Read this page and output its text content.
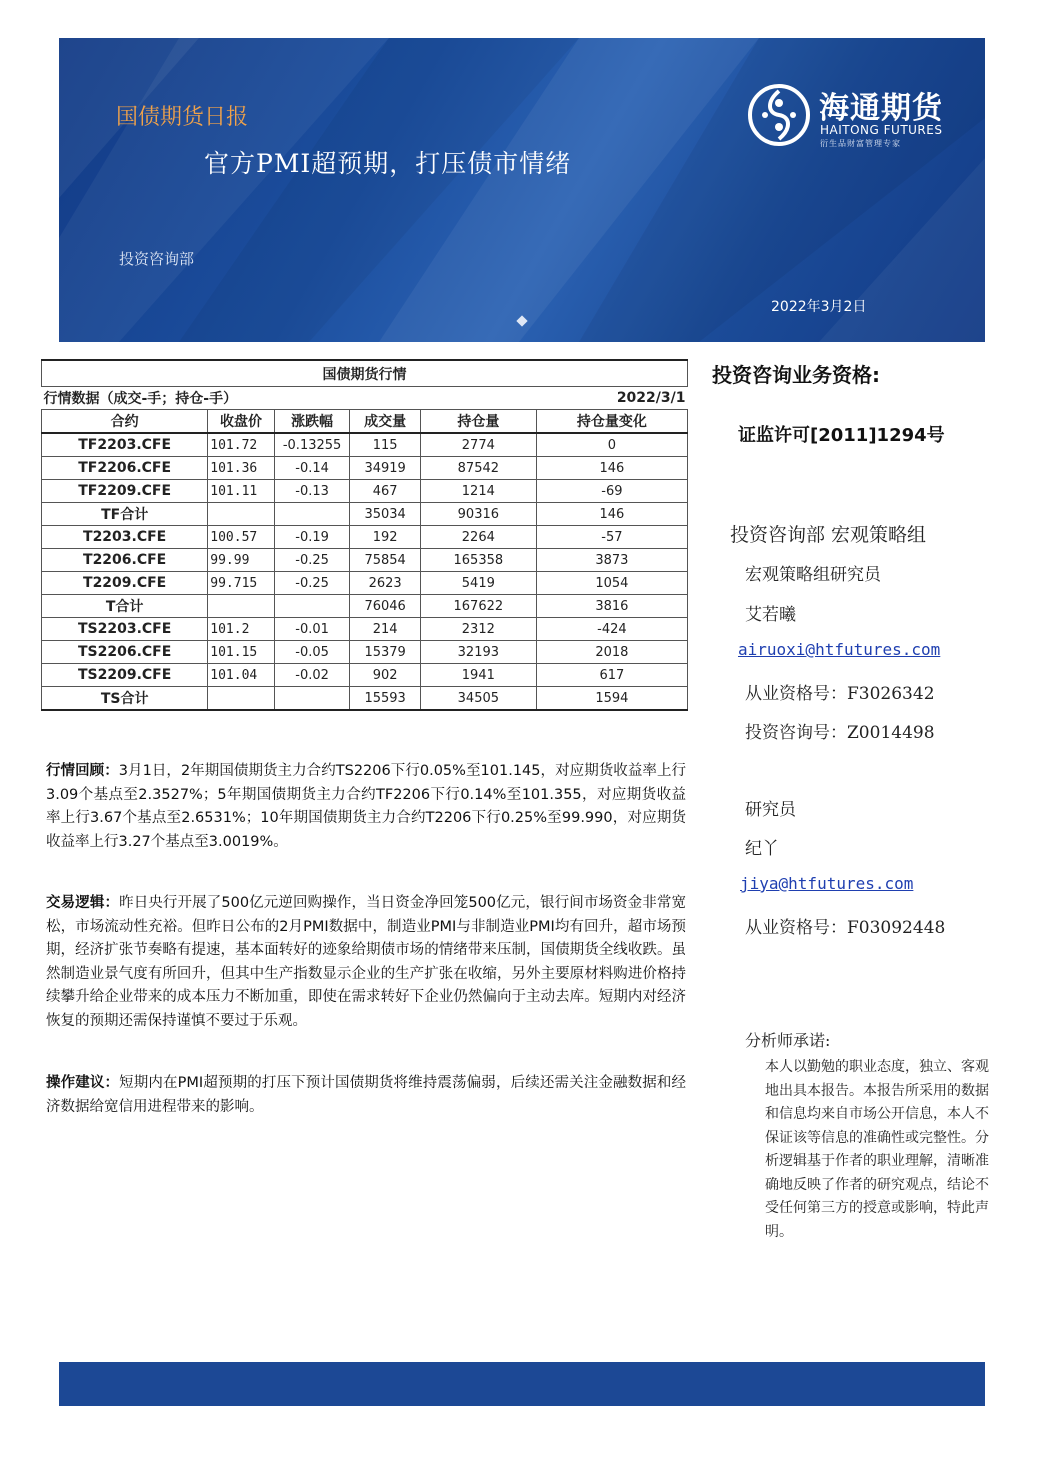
国债期货日报
官方PMI超预期，打压债市情绪
投资咨询部
2022年3月2日
海通期货
HAITONG FUTURES
衍生品财富管理专家
国债期货行情					
行情数据（成交-手；持仓-手）				2022/3/1	
合约	收盘价	涨跌幅	成交量	持仓量	持仓量变化
TF2203.CFE	101.72	-0.13255	115	2774	0
TF2206.CFE	101.36	-0.14	34919	87542	146
TF2209.CFE	101.11	-0.13	467	1214	-69
TF合计			35034	90316	146
T2203.CFE	100.57	-0.19	192	2264	-57
T2206.CFE	99.99	-0.25	75854	165358	3873
T2209.CFE	99.715	-0.25	2623	5419	1054
T合计			76046	167622	3816
TS2203.CFE	101.2	-0.01	214	2312	-424
TS2206.CFE	101.15	-0.05	15379	32193	2018
TS2209.CFE	101.04	-0.02	902	1941	617
TS合计			15593	34505	1594
投资咨询业务资格:
证监许可[2011]1294号
投资咨询部 宏观策略组
宏观策略组研究员
艾若曦
airuoxi@htfutures.com
从业资格号：F3026342
投资咨询号：Z0014498
研究员
纪丫
jiya@htfutures.com
从业资格号：F03092448
分析师承诺:
本人以勤勉的职业态度，独立、客观地出具本报告。本报告所采用的数据和信息均来自市场公开信息，本人不保证该等信息的准确性或完整性。分析逻辑基于作者的职业理解，清晰准确地反映了作者的研究观点，结论不受任何第三方的授意或影响，特此声明。
行情回顾：3月1日，2年期国债期货主力合约TS2206下行0.05%至101.145，对应期货收益率上行3.09个基点至2.3527%；5年期国债期货主力合约TF2206下行0.14%至101.355，对应期货收益率上行3.67个基点至2.6531%；10年期国债期货主力合约T2206下行0.25%至99.990，对应期货收益率上行3.27个基点至3.0019%。
交易逻辑：昨日央行开展了500亿元逆回购操作，当日资金净回笼500亿元，银行间市场资金非常宽松，市场流动性充裕。但昨日公布的2月PMI数据中，制造业PMI与非制造业PMI均有回升，超市场预期，经济扩张节奏略有提速，基本面转好的迹象给期债市场的情绪带来压制，国债期货全线收跌。虽然制造业景气度有所回升，但其中生产指数显示企业的生产扩张在收缩，另外主要原材料购进价格持续攀升给企业带来的成本压力不断加重，即使在需求转好下企业仍然偏向于主动去库。短期内对经济恢复的预期还需保持谨慎不要过于乐观。
操作建议：短期内在PMI超预期的打压下预计国债期货将维持震荡偏弱，后续还需关注金融数据和经济数据给宽信用进程带来的影响。
